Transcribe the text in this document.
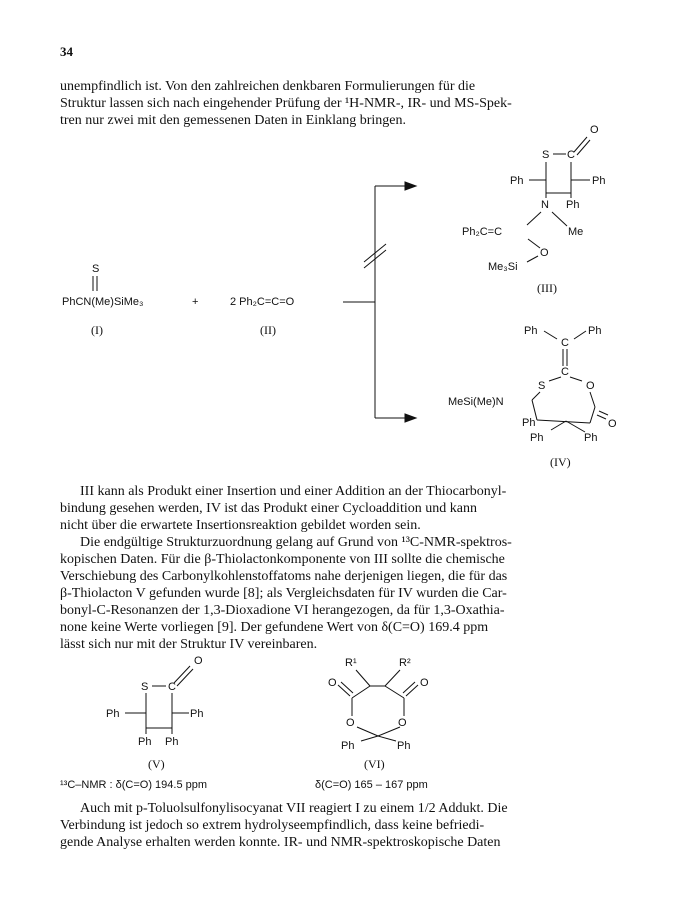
34
unempfindlich ist. Von den zahlreichen denkbaren Formulierungen für die
Struktur lassen sich nach eingehender Prüfung der ¹H-NMR-, IR- und MS-Spek-
tren nur zwei mit den gemessenen Daten in Einklang bringen.
S
PhCN(Me)SiMe₃
(I)
+	2 Ph₂C=C=O
(II)
O
S C
Ph	Ph
N Ph
Ph₂C=C	Me
O
Me₃Si
(III)
Ph	Ph
C
C
S	O
MeSi(Me)N
Ph	O
Ph	Ph
(IV)
III kann als Produkt einer Insertion und einer Addition an der Thiocarbonyl-
bindung gesehen werden, IV ist das Produkt einer Cycloaddition und kann
nicht über die erwartete Insertionsreaktion gebildet worden sein.
Die endgültige Strukturzuordnung gelang auf Grund von ¹³C-NMR-spektros-
kopischen Daten. Für die β-Thiolactonkomponente von III sollte die chemische
Verschiebung des Carbonylkohlenstoffatoms nahe derjenigen liegen, die für das
β-Thiolacton V gefunden wurde [8]; als Vergleichsdaten für IV wurden die Car-
bonyl-C-Resonanzen der 1,3-Dioxadione VI herangezogen, da für 1,3-Oxathia-
none keine Werte vorliegen [9]. Der gefundene Wert von δ(C=O) 169.4 ppm
lässt sich nur mit der Struktur IV vereinbaren.
O
S C
Ph	Ph
Ph Ph
(V)
¹³C–NMR : δ(C=O) 194.5 ppm
R¹	R²
O	O
O	O
Ph	Ph
(VI)
δ(C=O) 165 – 167 ppm
Auch mit p-Toluolsulfonylisocyanat VII reagiert I zu einem 1/2 Addukt. Die
Verbindung ist jedoch so extrem hydrolyseempfindlich, dass keine befriedi-
gende Analyse erhalten werden konnte. IR- und NMR-spektroskopische Daten
